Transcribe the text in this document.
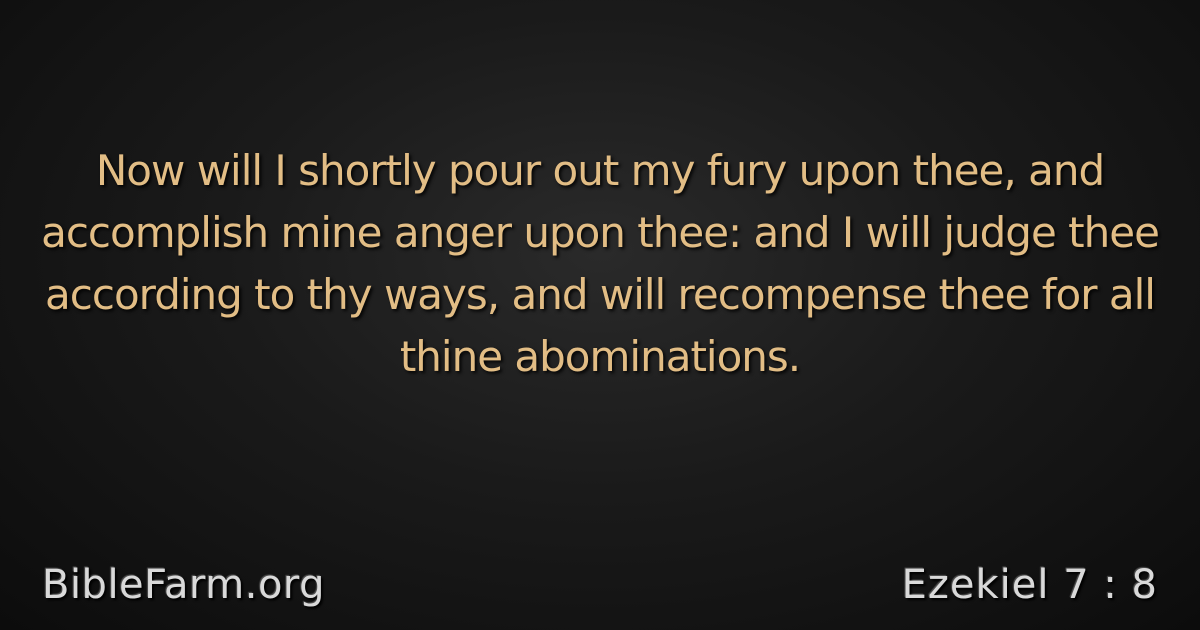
Now will I shortly pour out my fury upon thee, and accomplish mine anger upon thee: and I will judge thee according to thy ways, and will recompense thee for all thine abominations.
BibleFarm.org	Ezekiel 7 : 8
